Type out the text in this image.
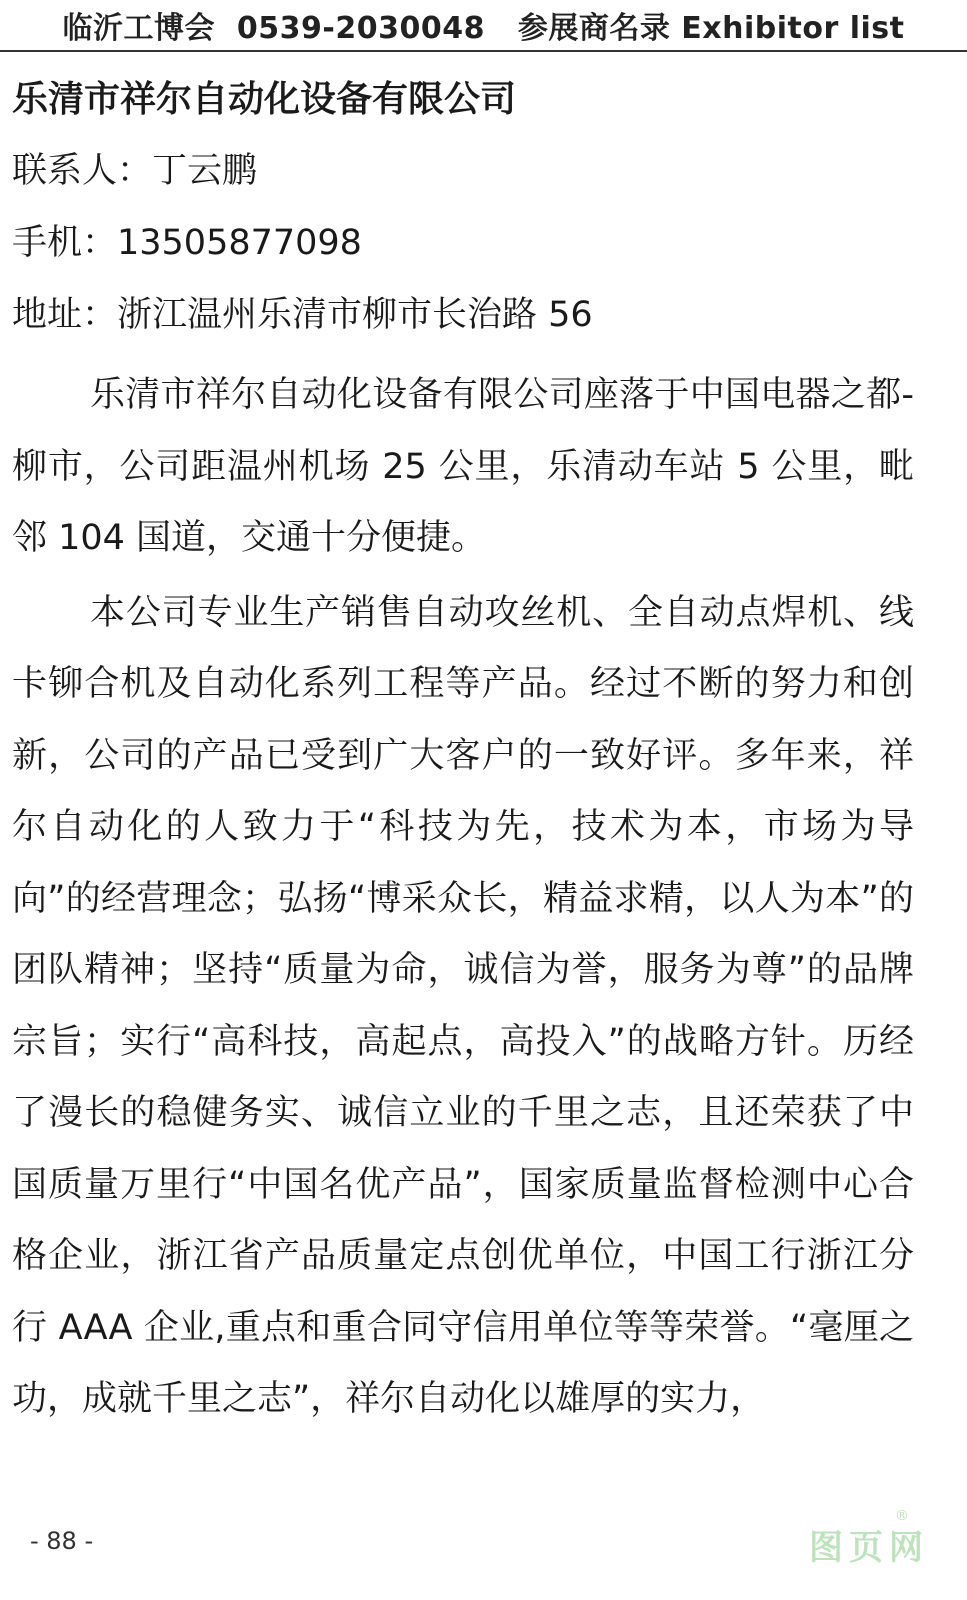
临沂工博会  0539-2030048   参展商名录 Exhibitor list
乐清市祥尔自动化设备有限公司
联系人：丁云鹏
手机：13505877098
地址：浙江温州乐清市柳市长治路 56

乐清市祥尔自动化设备有限公司座落于中国电器之都-柳市，公司距温州机场 25 公里，乐清动车站 5 公里，毗邻 104 国道，交通十分便捷。

本公司专业生产销售自动攻丝机、全自动点焊机、线卡铆合机及自动化系列工程等产品。经过不断的努力和创新，公司的产品已受到广大客户的一致好评。多年来，祥尔自动化的人致力于“科技为先，技术为本，市场为导向”的经营理念；弘扬“博采众长，精益求精，以人为本”的团队精神；坚持“质量为命，诚信为誉，服务为尊”的品牌宗旨；实行“高科技，高起点，高投入”的战略方针。历经了漫长的稳健务实、诚信立业的千里之志，且还荣获了中国质量万里行“中国名优产品”，国家质量监督检测中心合格企业，浙江省产品质量定点创优单位，中国工行浙江分行 AAA 企业,重点和重合同守信用单位等等荣誉。“毫厘之功，成就千里之志”，祥尔自动化以雄厚的实力，

- 88 -
®
图页网
